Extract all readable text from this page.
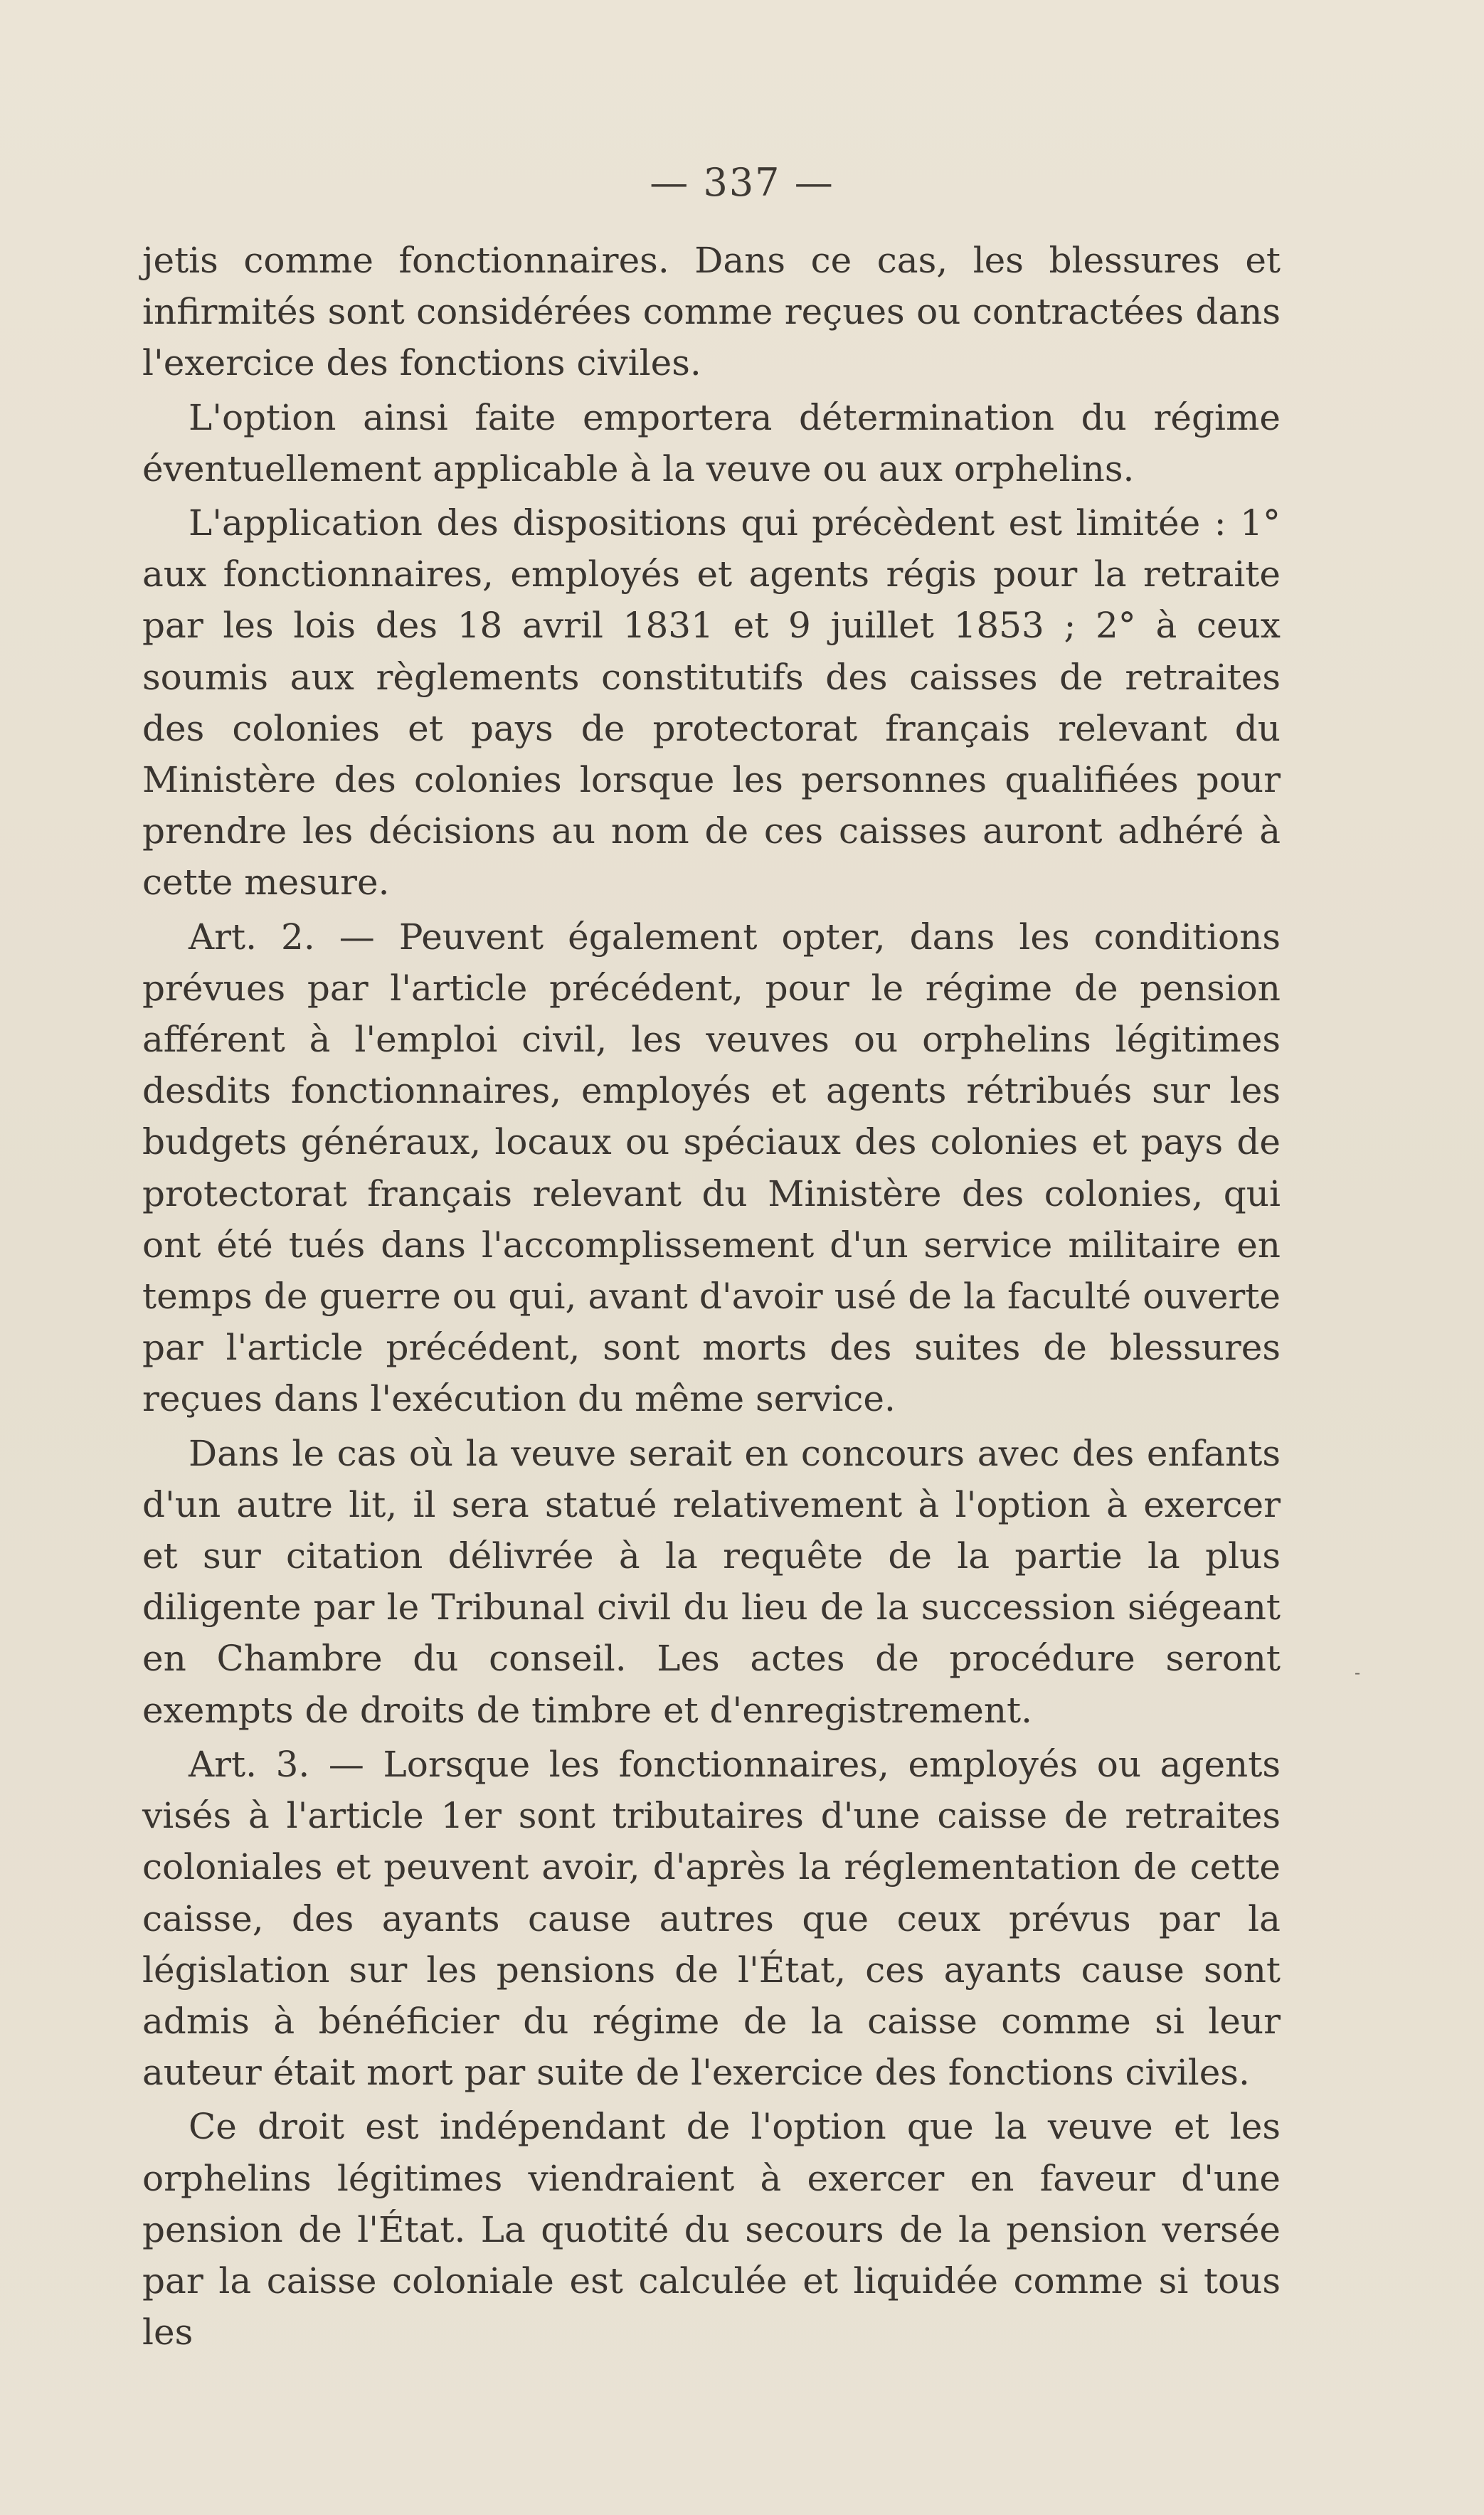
— 337 —

jetis comme fonctionnaires. Dans ce cas, les blessures et infirmités sont considérées comme reçues ou contractées dans l'exercice des fonctions civiles.

L'option ainsi faite emportera détermination du régime éventuellement applicable à la veuve ou aux orphelins.

L'application des dispositions qui précèdent est limitée : 1° aux fonctionnaires, employés et agents régis pour la retraite par les lois des 18 avril 1831 et 9 juillet 1853 ; 2° à ceux soumis aux règlements constitutifs des caisses de retraites des colonies et pays de protectorat français relevant du Ministère des colonies lorsque les personnes qualifiées pour prendre les décisions au nom de ces caisses auront adhéré à cette mesure.

Art. 2. — Peuvent également opter, dans les conditions prévues par l'article précédent, pour le régime de pension afférent à l'emploi civil, les veuves ou orphelins légitimes desdits fonctionnaires, employés et agents rétribués sur les budgets généraux, locaux ou spéciaux des colonies et pays de protectorat français relevant du Ministère des colonies, qui ont été tués dans l'accomplissement d'un service militaire en temps de guerre ou qui, avant d'avoir usé de la faculté ouverte par l'article précédent, sont morts des suites de blessures reçues dans l'exécution du même service.

Dans le cas où la veuve serait en concours avec des enfants d'un autre lit, il sera statué relativement à l'option à exercer et sur citation délivrée à la requête de la partie la plus diligente par le Tribunal civil du lieu de la succession siégeant en Chambre du conseil. Les actes de procédure seront exempts de droits de timbre et d'enregistrement.

Art. 3. — Lorsque les fonctionnaires, employés ou agents visés à l'article 1er sont tributaires d'une caisse de retraites coloniales et peuvent avoir, d'après la réglementation de cette caisse, des ayants cause autres que ceux prévus par la législation sur les pensions de l'État, ces ayants cause sont admis à bénéficier du régime de la caisse comme si leur auteur était mort par suite de l'exercice des fonctions civiles.

Ce droit est indépendant de l'option que la veuve et les orphelins légitimes viendraient à exercer en faveur d'une pension de l'État. La quotité du secours de la pension versée par la caisse coloniale est calculée et liquidée comme si tous les

-
